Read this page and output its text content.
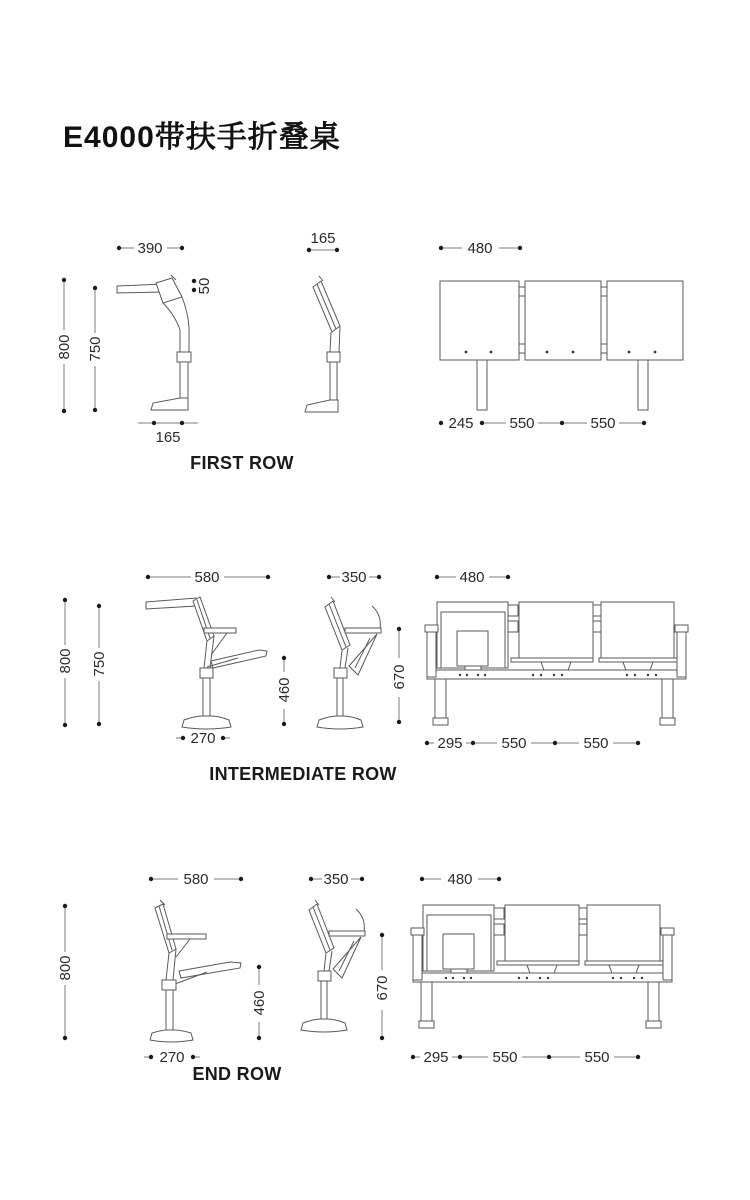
E4000带扶手折叠桌
390
165
800 750
50
165
480
245 550	550
FIRST ROW
580	350	480
800 750
460
670
270	295	550	550
INTERMEDIATE ROW
580	350	480
800
460
670
270	295	550	550
END ROW
